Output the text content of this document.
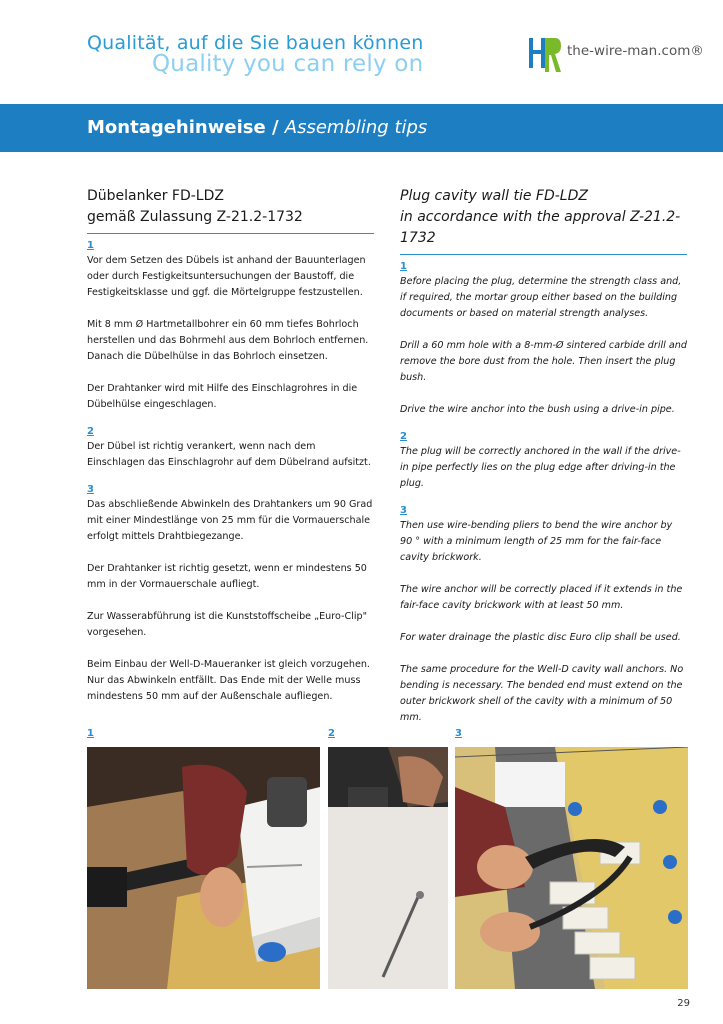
Qualität, auf die Sie bauen können
Quality you can rely on	the-wire-man.com®
Montagehinweise / Assembling tips
Dübelanker FD-LDZ
gemäß Zulassung Z-21.2-1732
1

Vor dem Setzen des Dübels ist anhand der Bauunterlagen oder durch Festigkeitsuntersuchungen der Baustoff, die Festigkeitsklasse und ggf. die Mörtelgruppe festzustellen.

Mit 8 mm Ø Hartmetallbohrer ein 60 mm tiefes Bohrloch herstellen und das Bohrmehl aus dem Bohrloch entfernen. Danach die Dübelhülse in das Bohrloch einsetzen.

Der Drahtanker wird mit Hilfe des Einschlagrohres in die Dübelhülse eingeschlagen.

2

Der Dübel ist richtig verankert, wenn nach dem Einschlagen das Einschlagrohr auf dem Dübelrand aufsitzt.

3

Das abschließende Abwinkeln des Drahtankers um 90 Grad mit einer Mindestlänge von 25 mm für die Vormauerschale erfolgt mittels Drahtbiegezange.

Der Drahtanker ist richtig gesetzt, wenn er mindestens 50 mm in der Vormauerschale aufliegt.

Zur Wasserabführung ist die Kunststoffscheibe „Euro-Clip" vorgesehen.

Beim Einbau der Well-D-Maueranker ist gleich vorzugehen. Nur das Abwinkeln entfällt. Das Ende mit der Welle muss mindestens 50 mm auf der Außenschale aufliegen.

Plug cavity wall tie FD-LDZ
in accordance with the approval Z-21.2-1732
1

Before placing the plug, determine the strength class and, if required, the mortar group either based on the building documents or based on material strength analyses.

Drill a 60 mm hole with a 8-mm-Ø sintered carbide drill and remove the bore dust from the hole. Then insert the plug bush.

Drive the wire anchor into the bush using a drive-in pipe.

2

The plug will be correctly anchored in the wall if the drive-in pipe perfectly lies on the plug edge after driving-in the plug.

3

Then use wire-bending pliers to bend the wire anchor by 90 ° with a minimum length of 25 mm for the fair-face cavity brickwork.

The wire anchor will be correctly placed if it extends in the fair-face cavity brickwork with at least 50 mm.

For water drainage the plastic disc Euro clip shall be used.

The same procedure for the Well-D cavity wall anchors. No bending is necessary. The bended end must extend on the outer brickwork shell of the cavity with a minimum of 50 mm.

1	2	3
29
